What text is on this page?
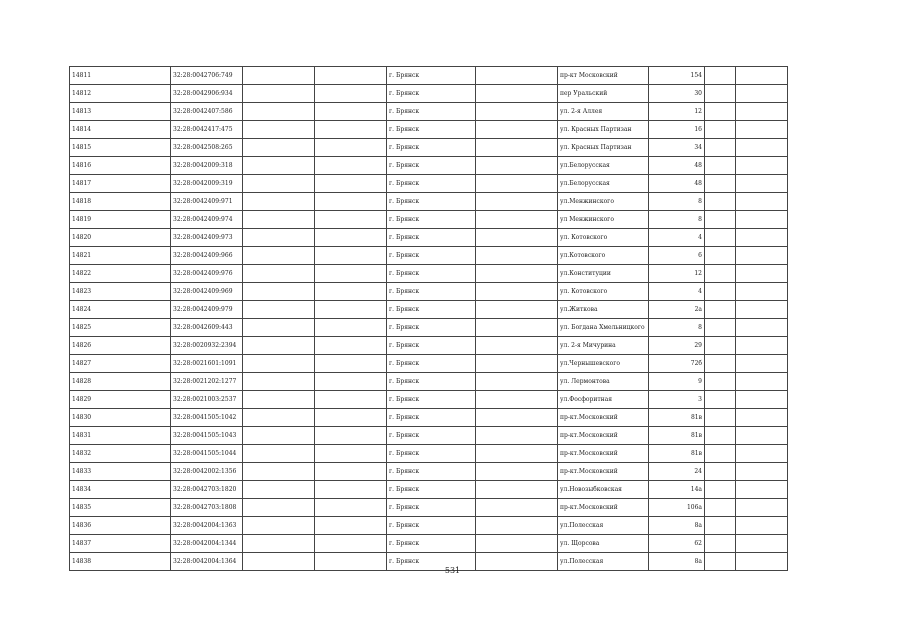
14811	32:28:0042706:749			г. Брянск		пр-кт Московский	154		
14812	32:28:0042906:934			г. Брянск		пер Уральский	30		
14813	32:28:0042407:586			г. Брянск		ул. 2-я Аллея	12		
14814	32:28:0042417:475			г. Брянск		ул. Красных Партизан	16		
14815	32:28:0042508:265			г. Брянск		ул. Красных Партизан	34		
14816	32:28:0042009:318			г. Брянск		ул.Белорусская	48		
14817	32:28:0042009:319			г. Брянск		ул.Белорусская	48		
14818	32:28:0042409:971			г. Брянск		ул.Менжинского	8		
14819	32:28:0042409:974			г. Брянск		ул Менжинского	8		
14820	32:28:0042409:973			г. Брянск		ул. Котовского	4		
14821	32:28:0042409:966			г. Брянск		ул.Котовского	6		
14822	32:28:0042409:976			г. Брянск		ул.Конституции	12		
14823	32:28:0042409:969			г. Брянск		ул. Котовского	4		
14824	32:28:0042409:979			г. Брянск		ул.Житкова	2а		
14825	32:28:0042609:443			г. Брянск		ул. Богдана Хмельницкого	8		
14826	32:28:0020932:2394			г. Брянск		ул. 2-я Мичурина	29		
14827	32:28:0021601:1091			г. Брянск		ул.Чернышевского	72б		
14828	32:28:0021202:1277			г. Брянск		ул. Лермонтова	9		
14829	32:28:0021003:2537			г. Брянск		ул.Фосфоритная	3		
14830	32:28:0041505:1042			г. Брянск		пр-кт.Московский	81в		
14831	32:28:0041505:1043			г. Брянск		пр-кт.Московский	81в		
14832	32:28:0041505:1044			г. Брянск		пр-кт.Московский	81в		
14833	32:28:0042002:1356			г. Брянск		пр-кт.Московский	24		
14834	32:28:0042703:1820			г. Брянск		ул.Новозыбковская	14а		
14835	32:28:0042703:1808			г. Брянск		пр-кт.Московский	106а		
14836	32:28:0042004:1363			г. Брянск		ул.Полесская	8а		
14837	32:28:0042004:1344			г. Брянск		ул. Щорсова	62		
14838	32:28:0042004:1364			г. Брянск		ул.Полесская	8а		
531
